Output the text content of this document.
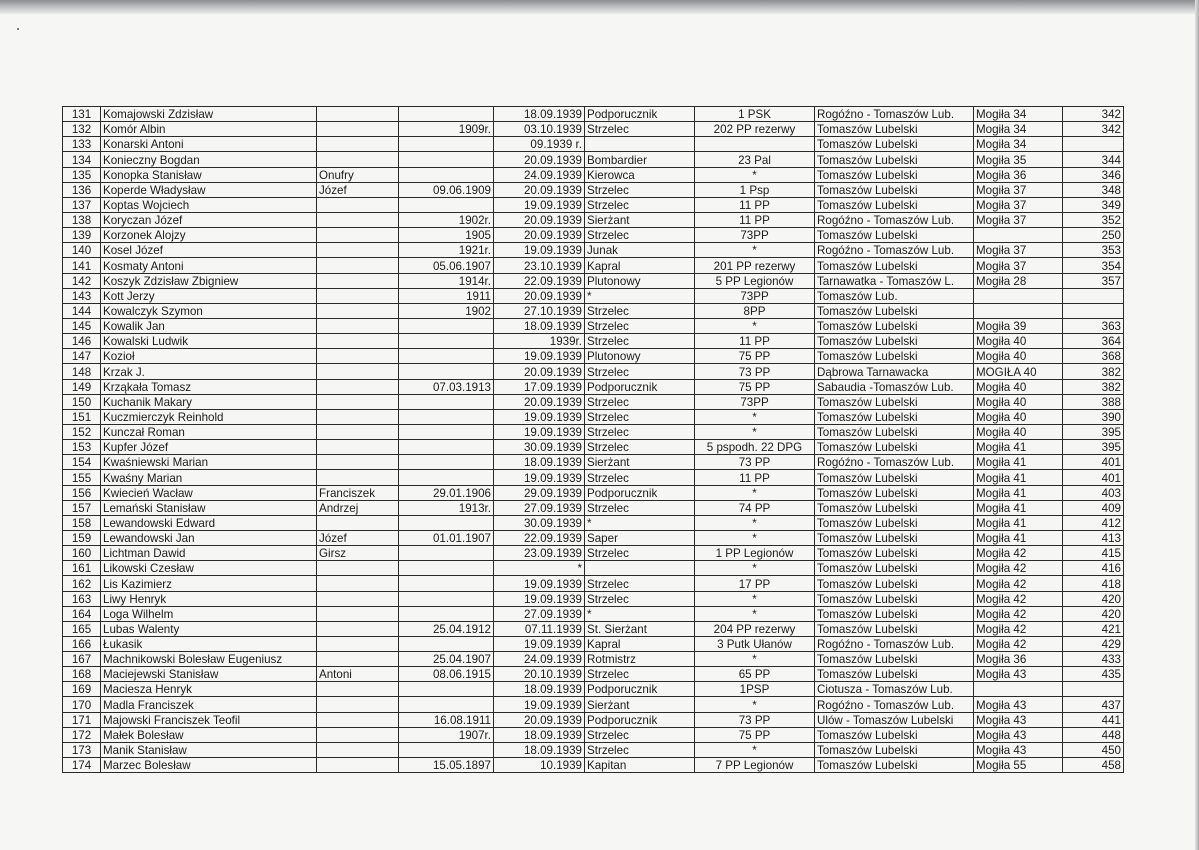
131	Komajowski Zdzisław			18.09.1939	Podporucznik	1 PSK	Rogóźno - Tomaszów Lub.	Mogiła 34	342
132	Komór Albin		1909r.	03.10.1939	Strzelec	202 PP rezerwy	Tomaszów Lubelski	Mogiła 34	342
133	Konarski Antoni			09.1939 r.			Tomaszów Lubelski	Mogiła 34	
134	Konieczny Bogdan			20.09.1939	Bombardier	23 Pal	Tomaszów Lubelski	Mogiła 35	344
135	Konopka Stanisław	Onufry		24.09.1939	Kierowca	*	Tomaszów Lubelski	Mogiła 36	346
136	Koperde Władysław	Józef	09.06.1909	20.09.1939	Strzelec	1 Psp	Tomaszów Lubelski	Mogiła 37	348
137	Koptas Wojciech			19.09.1939	Strzelec	11 PP	Tomaszów Lubelski	Mogiła 37	349
138	Koryczan Józef		1902r.	20.09.1939	Sierżant	11 PP	Rogóźno - Tomaszów Lub.	Mogiła 37	352
139	Korzonek Alojzy		1905	20.09.1939	Strzelec	73PP	Tomaszów Lubelski		250
140	Kosel Józef		1921r.	19.09.1939	Junak	*	Rogóźno - Tomaszów Lub.	Mogiła 37	353
141	Kosmaty Antoni		05.06.1907	23.10.1939	Kapral	201 PP rezerwy	Tomaszów Lubelski	Mogiła 37	354
142	Koszyk Zdzisław Zbigniew		1914r.	22.09.1939	Plutonowy	5 PP Legionów	Tarnawatka - Tomaszów L.	Mogiła 28	357
143	Kott Jerzy		1911	20.09.1939	*	73PP	Tomaszów Lub.		
144	Kowalczyk Szymon		1902	27.10.1939	Strzelec	8PP	Tomaszów Lubelski		
145	Kowalik Jan			18.09.1939	Strzelec	*	Tomaszów Lubelski	Mogiła 39	363
146	Kowalski Ludwik			1939r.	Strzelec	11 PP	Tomaszów Lubelski	Mogiła 40	364
147	Kozioł			19.09.1939	Plutonowy	75 PP	Tomaszów Lubelski	Mogiła 40	368
148	Krzak J.			20.09.1939	Strzelec	73 PP	Dąbrowa Tarnawacka	MOGIŁA 40	382
149	Krząkała Tomasz		07.03.1913	17.09.1939	Podporucznik	75 PP	Sabaudia -Tomaszów Lub.	Mogiła 40	382
150	Kuchanik Makary			20.09.1939	Strzelec	73PP	Tomaszów Lubelski	Mogiła 40	388
151	Kuczmierczyk Reinhold			19.09.1939	Strzelec	*	Tomaszów Lubelski	Mogiła 40	390
152	Kunczał Roman			19.09.1939	Strzelec	*	Tomaszów Lubelski	Mogiła 40	395
153	Kupfer Józef			30.09.1939	Strzelec	5 pspodh. 22 DPG	Tomaszów Lubelski	Mogiła 41	395
154	Kwaśniewski Marian			18.09.1939	Sierżant	73 PP	Rogóźno - Tomaszów Lub.	Mogiła 41	401
155	Kwaśny Marian			19.09.1939	Strzelec	11 PP	Tomaszów Lubelski	Mogiła 41	401
156	Kwiecień Wacław	Franciszek	29.01.1906	29.09.1939	Podporucznik	*	Tomaszów Lubelski	Mogiła 41	403
157	Lemański Stanisław	Andrzej	1913r.	27.09.1939	Strzelec	74 PP	Tomaszów Lubelski	Mogiła 41	409
158	Lewandowski Edward			30.09.1939	*	*	Tomaszów Lubelski	Mogiła 41	412
159	Lewandowski Jan	Józef	01.01.1907	22.09.1939	Saper	*	Tomaszów Lubelski	Mogiła 41	413
160	Lichtman Dawid	Girsz		23.09.1939	Strzelec	1 PP Legionów	Tomaszów Lubelski	Mogiła 42	415
161	Likowski Czesław			*		*	Tomaszów Lubelski	Mogiła 42	416
162	Lis Kazimierz			19.09.1939	Strzelec	17 PP	Tomaszów Lubelski	Mogiła 42	418
163	Liwy Henryk			19.09.1939	Strzelec	*	Tomaszów Lubelski	Mogiła 42	420
164	Loga Wilhelm			27.09.1939	*	*	Tomaszów Lubelski	Mogiła 42	420
165	Lubas Walenty		25.04.1912	07.11.1939	St. Sierżant	204 PP rezerwy	Tomaszów Lubelski	Mogiła 42	421
166	Łukasik			19.09.1939	Kapral	3 Putk Ułanów	Rogóźno - Tomaszów Lub.	Mogiła 42	429
167	Machnikowski Bolesław Eugeniusz		25.04.1907	24.09.1939	Rotmistrz	*	Tomaszów Lubelski	Mogiła 36	433
168	Maciejewski Stanisław	Antoni	08.06.1915	20.10.1939	Strzelec	65 PP	Tomaszów Lubelski	Mogiła 43	435
169	Maciesza Henryk			18.09.1939	Podporucznik	1PSP	Ciotusza - Tomaszów Lub.		
170	Madla Franciszek			19.09.1939	Sierżant	*	Rogóźno - Tomaszów Lub.	Mogiła 43	437
171	Majowski Franciszek Teofil		16.08.1911	20.09.1939	Podporucznik	73 PP	Ulów - Tomaszów Lubelski	Mogiła 43	441
172	Małek Bolesław		1907r.	18.09.1939	Strzelec	75 PP	Tomaszów Lubelski	Mogiła 43	448
173	Manik Stanisław			18.09.1939	Strzelec	*	Tomaszów Lubelski	Mogiła 43	450
174	Marzec Bolesław		15.05.1897	10.1939	Kapitan	7 PP Legionów	Tomaszów Lubelski	Mogiła 55	458
